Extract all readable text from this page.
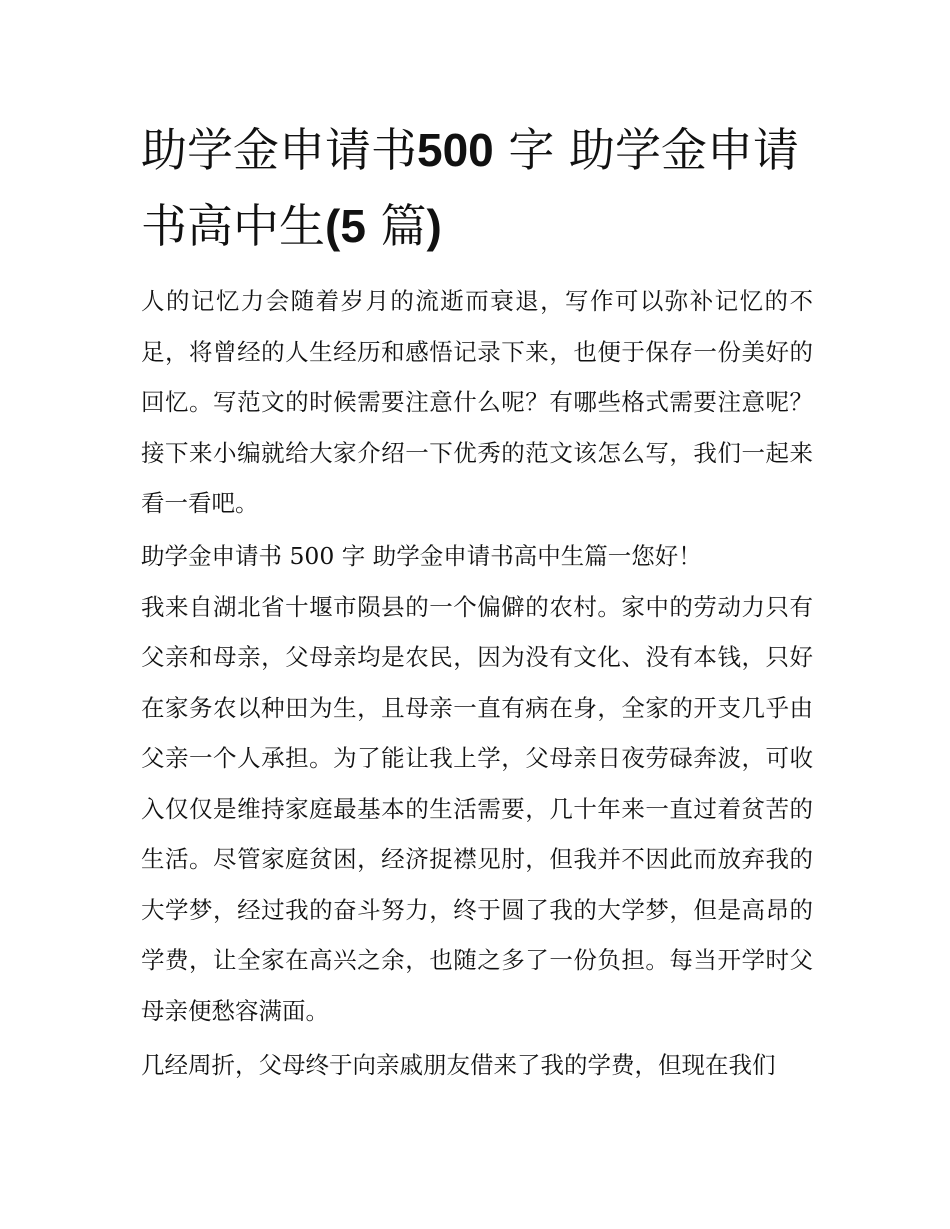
助学金申请书500 字 助学金申请书高中生(5 篇)

人的记忆力会随着岁月的流逝而衰退，写作可以弥补记忆的不足，将曾经的人生经历和感悟记录下来，也便于保存一份美好的回忆。写范文的时候需要注意什么呢？有哪些格式需要注意呢？接下来小编就给大家介绍一下优秀的范文该怎么写，我们一起来看一看吧。

助学金申请书 500 字 助学金申请书高中生篇一您好！

我来自湖北省十堰市陨县的一个偏僻的农村。家中的劳动力只有父亲和母亲，父母亲均是农民，因为没有文化、没有本钱，只好在家务农以种田为生，且母亲一直有病在身，全家的开支几乎由父亲一个人承担。为了能让我上学，父母亲日夜劳碌奔波，可收入仅仅是维持家庭最基本的生活需要，几十年来一直过着贫苦的生活。尽管家庭贫困，经济捉襟见肘，但我并不因此而放弃我的大学梦，经过我的奋斗努力，终于圆了我的大学梦，但是高昂的学费，让全家在高兴之余，也随之多了一份负担。每当开学时父母亲便愁容满面。

几经周折，父母终于向亲戚朋友借来了我的学费，但现在我们
